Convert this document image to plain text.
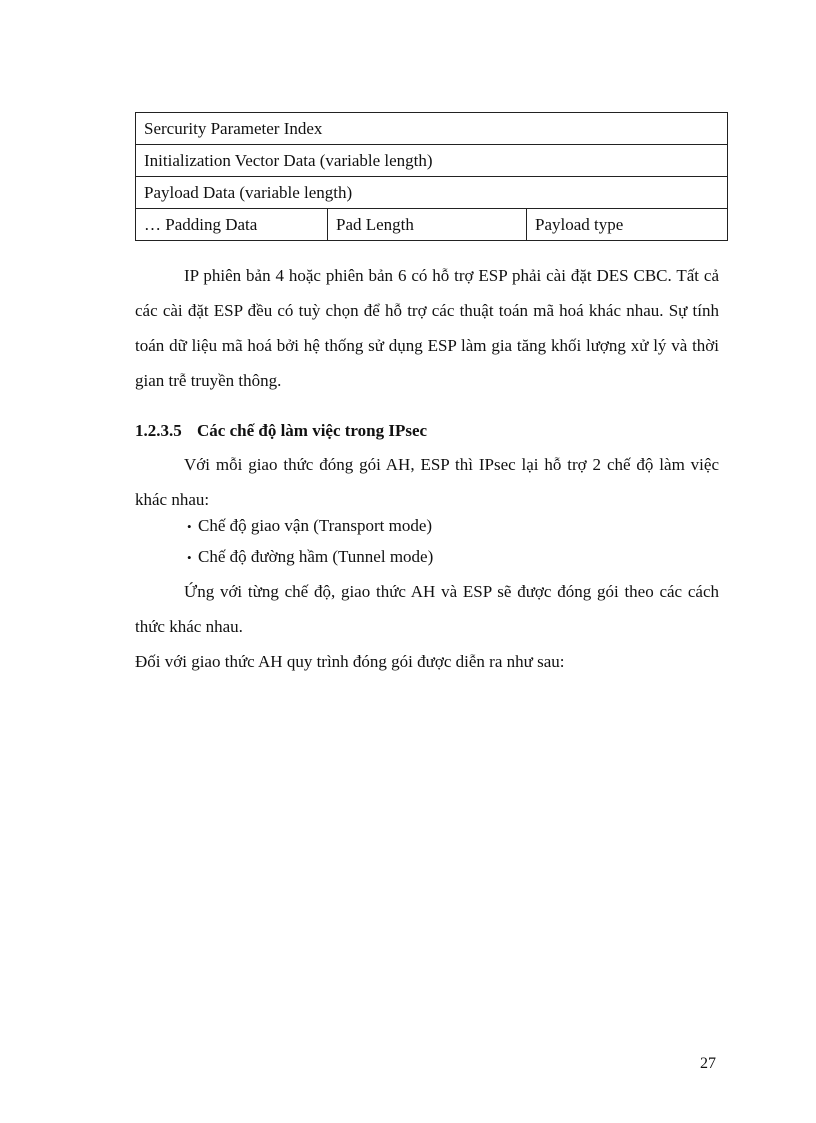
Sercurity Parameter Index
Initialization Vector Data (variable length)
Payload Data (variable length)
… Padding Data	Pad Length	Payload type

IP phiên bản 4 hoặc phiên bản 6 có hỗ trợ ESP phải cài đặt DES CBC. Tất cả các cài đặt ESP đều có tuỳ chọn để hỗ trợ các thuật toán mã hoá khác nhau. Sự tính toán dữ liệu mã hoá bởi hệ thống sử dụng ESP làm gia tăng khối lượng xử lý và thời gian trễ truyền thông.

1.2.3.5 Các chế độ làm việc trong IPsec

Với mỗi giao thức đóng gói AH, ESP thì IPsec lại hỗ trợ 2 chế độ làm việc khác nhau:

• Chế độ giao vận (Transport mode)

• Chế độ đường hầm (Tunnel mode)

Ứng với từng chế độ, giao thức AH và ESP sẽ được đóng gói theo các cách thức khác nhau.

Đối với giao thức AH quy trình đóng gói được diễn ra như sau:

27
